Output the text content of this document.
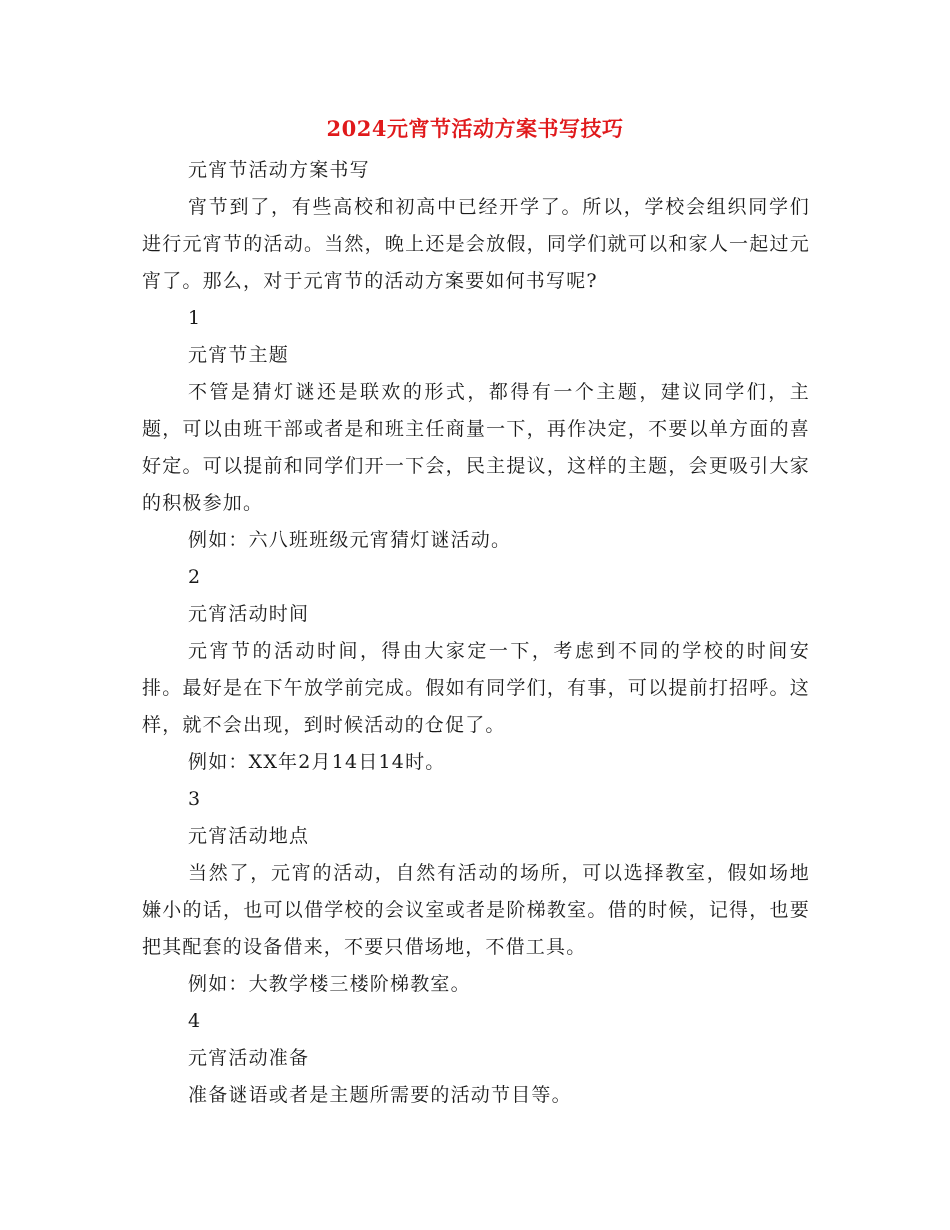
2024元宵节活动方案书写技巧

元宵节活动方案书写

宵节到了，有些高校和初高中已经开学了。所以，学校会组织同学们进行元宵节的活动。当然，晚上还是会放假，同学们就可以和家人一起过元宵了。那么，对于元宵节的活动方案要如何书写呢?

1

元宵节主题

不管是猜灯谜还是联欢的形式，都得有一个主题，建议同学们，主题，可以由班干部或者是和班主任商量一下，再作决定，不要以单方面的喜好定。可以提前和同学们开一下会，民主提议，这样的主题，会更吸引大家的积极参加。

例如：六八班班级元宵猜灯谜活动。

2

元宵活动时间

元宵节的活动时间，得由大家定一下，考虑到不同的学校的时间安排。最好是在下午放学前完成。假如有同学们，有事，可以提前打招呼。这样，就不会出现，到时候活动的仓促了。

例如：XX年2月14日14时。

3

元宵活动地点

当然了，元宵的活动，自然有活动的场所，可以选择教室，假如场地嫌小的话，也可以借学校的会议室或者是阶梯教室。借的时候，记得，也要把其配套的设备借来，不要只借场地，不借工具。

例如：大教学楼三楼阶梯教室。

4

元宵活动准备

准备谜语或者是主题所需要的活动节目等。
